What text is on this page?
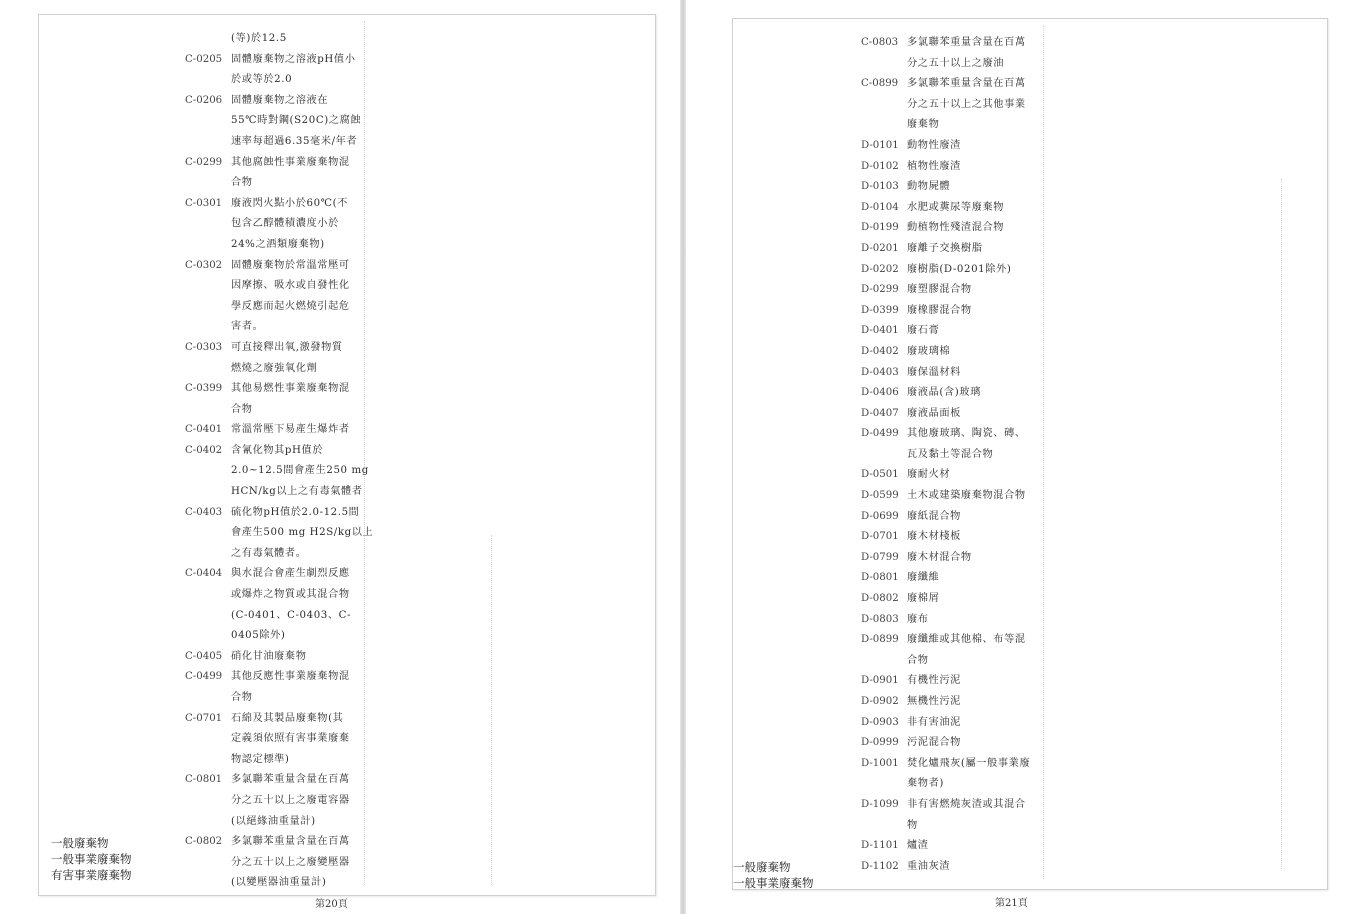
(等)於12.5
C-0205 固體廢棄物之溶液pH值小
於或等於2.0
C-0206 固體廢棄物之溶液在
55℃時對鋼(S20C)之腐蝕
速率每超過6.35毫米/年者
C-0299 其他腐蝕性事業廢棄物混
合物
C-0301 廢液閃火點小於60℃(不
包含乙醇體積濃度小於
24%之酒類廢棄物)
C-0302 固體廢棄物於常溫常壓可
因摩擦、吸水或自發性化
學反應而起火燃燒引起危
害者。
C-0303 可直接釋出氧,激發物質
燃燒之廢強氧化劑
C-0399 其他易燃性事業廢棄物混
合物
C-0401 常溫常壓下易產生爆炸者
C-0402 含氰化物其pH值於
2.0~12.5間會產生250 mg
HCN/kg以上之有毒氣體者
C-0403 硫化物pH值於2.0-12.5間
會產生500 mg H2S/kg以上
之有毒氣體者。
C-0404 與水混合會產生劇烈反應
或爆炸之物質或其混合物
(C-0401、C-0403、C-
0405除外)
C-0405 硝化甘油廢棄物
C-0499 其他反應性事業廢棄物混
合物
C-0701 石綿及其製品廢棄物(其
定義須依照有害事業廢棄
物認定標準)
C-0801 多氯聯苯重量含量在百萬
分之五十以上之廢電容器
(以絕緣油重量計)
C-0802 多氯聯苯重量含量在百萬
分之五十以上之廢變壓器
(以變壓器油重量計)
一般廢棄物
一般事業廢棄物
有害事業廢棄物
第20頁
C-0803 多氯聯苯重量含量在百萬
分之五十以上之廢油
C-0899 多氯聯苯重量含量在百萬
分之五十以上之其他事業
廢棄物
D-0101 動物性廢渣
D-0102 植物性廢渣
D-0103 動物屍體
D-0104 水肥或糞尿等廢棄物
D-0199 動植物性殘渣混合物
D-0201 廢離子交換樹脂
D-0202 廢樹脂(D-0201除外)
D-0299 廢塑膠混合物
D-0399 廢橡膠混合物
D-0401 廢石膏
D-0402 廢玻璃棉
D-0403 廢保溫材料
D-0406 廢液晶(含)玻璃
D-0407 廢液晶面板
D-0499 其他廢玻璃、陶瓷、磚、
瓦及黏土等混合物
D-0501 廢耐火材
D-0599 土木或建築廢棄物混合物
D-0699 廢紙混合物
D-0701 廢木材棧板
D-0799 廢木材混合物
D-0801 廢纖維
D-0802 廢棉屑
D-0803 廢布
D-0899 廢纖維或其他棉、布等混
合物
D-0901 有機性污泥
D-0902 無機性污泥
D-0903 非有害油泥
D-0999 污泥混合物
D-1001 焚化爐飛灰(屬一般事業廢
棄物者)
D-1099 非有害燃燒灰渣或其混合
物
D-1101 爐渣
D-1102 重油灰渣
一般廢棄物
一般事業廢棄物
第21頁
